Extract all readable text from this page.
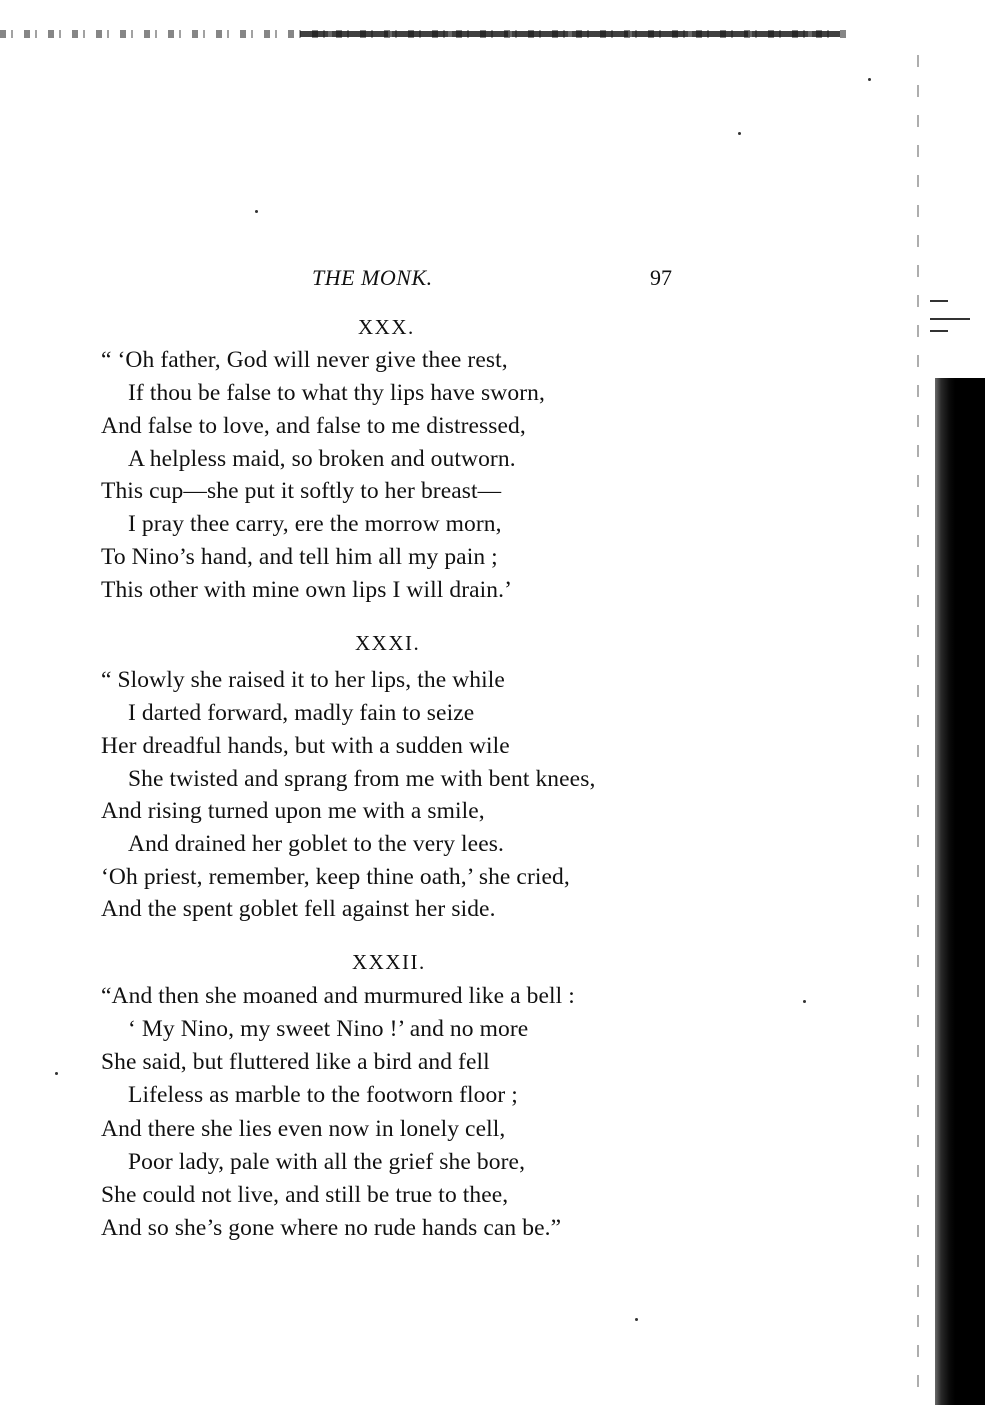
THE MONK.	97
XXX.
“ ‘Oh father, God will never give thee rest,
If thou be false to what thy lips have sworn,
And false to love, and false to me distressed,
A helpless maid, so broken and outworn.
This cup—she put it softly to her breast—
I pray thee carry, ere the morrow morn,
To Nino’s hand, and tell him all my pain ;
This other with mine own lips I will drain.’
XXXI.
“ Slowly she raised it to her lips, the while
I darted forward, madly fain to seize
Her dreadful hands, but with a sudden wile
She twisted and sprang from me with bent knees,
And rising turned upon me with a smile,
And drained her goblet to the very lees.
‘Oh priest, remember, keep thine oath,’ she cried,
And the spent goblet fell against her side.
XXXII.
“And then she moaned and murmured like a bell :
‘ My Nino, my sweet Nino !’ and no more
She said, but fluttered like a bird and fell
Lifeless as marble to the footworn floor ;
And there she lies even now in lonely cell,
Poor lady, pale with all the grief she bore,
She could not live, and still be true to thee,
And so she’s gone where no rude hands can be.”
